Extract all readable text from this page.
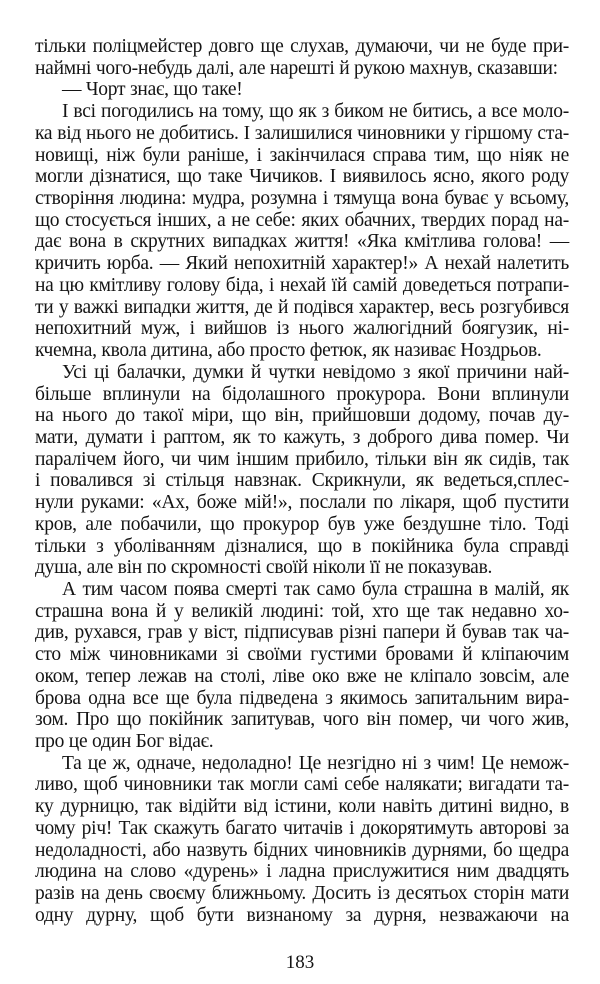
тільки поліцмейстер довго ще слухав, думаючи, чи не буде при-
наймні чого-небудь далі, але нарешті й рукою махнув, сказавши:
— Чорт знає, що таке!
І всі погодились на тому, що як з биком не битись, а все моло-
ка від нього не добитись. І залишилися чиновники у гіршому ста-
новищі, ніж були раніше, і закінчилася справа тим, що ніяк не
могли дізнатися, що таке Чичиков. І виявилось ясно, якого роду
створіння людина: мудра, розумна і тямуща вона буває у всьому,
що стосується інших, а не себе: яких обачних, твердих порад на-
дає вона в скрутних випадках життя! «Яка кмітлива голова! —
кричить юрба. — Який непохитній характер!» А нехай налетить
на цю кмітливу голову біда, і нехай їй самій доведеться потрапи-
ти у важкі випадки життя, де й подівся характер, весь розгубився
непохитний муж, і вийшов із нього жалюгідний боягузик, ні-
кчемна, квола дитина, або просто фетюк, як називає Ноздрьов.
Усі ці балачки, думки й чутки невідомо з якої причини най-
більше вплинули на бідолашного прокурора. Вони вплинули
на нього до такої міри, що він, прийшовши додому, почав ду-
мати, думати і раптом, як то кажуть, з доброго дива помер. Чи
паралічем його, чи чим іншим прибило, тільки він як сидів, так
і повалився зі стільця навзнак. Скрикнули, як ведеться,сплес-
нули руками: «Ах, боже мій!», послали по лікаря, щоб пустити
кров, але побачили, що прокурор був уже бездушне тіло. Тоді
тільки з уболіванням дізналися, що в покійника була справді
душа, але він по скромності своїй ніколи її не показував.
А тим часом поява смерті так само була страшна в малій, як
страшна вона й у великій людині: той, хто ще так недавно хо-
див, рухався, грав у віст, підписував різні папери й бував так ча-
сто між чиновниками зі своїми густими бровами й кліпаючим
оком, тепер лежав на столі, ліве око вже не кліпало зовсім, але
брова одна все ще була підведена з якимось запитальним вира-
зом. Про що покійник запитував, чого він помер, чи чого жив,
про це один Бог відає.
Та це ж, одначе, недоладно! Це незгідно ні з чим! Це немож-
ливо, щоб чиновники так могли самі себе налякати; вигадати та-
ку дурницю, так відійти від істини, коли навіть дитині видно, в
чому річ! Так скажуть багато читачів і докорятимуть авторові за
недоладності, або назвуть бідних чиновників дурнями, бо щедра
людина на слово «дурень» і ладна прислужитися ним двадцять
разів на день своєму ближньому. Досить із десятьох сторін мати
одну дурну, щоб бути визнаному за дурня, незважаючи на
183
